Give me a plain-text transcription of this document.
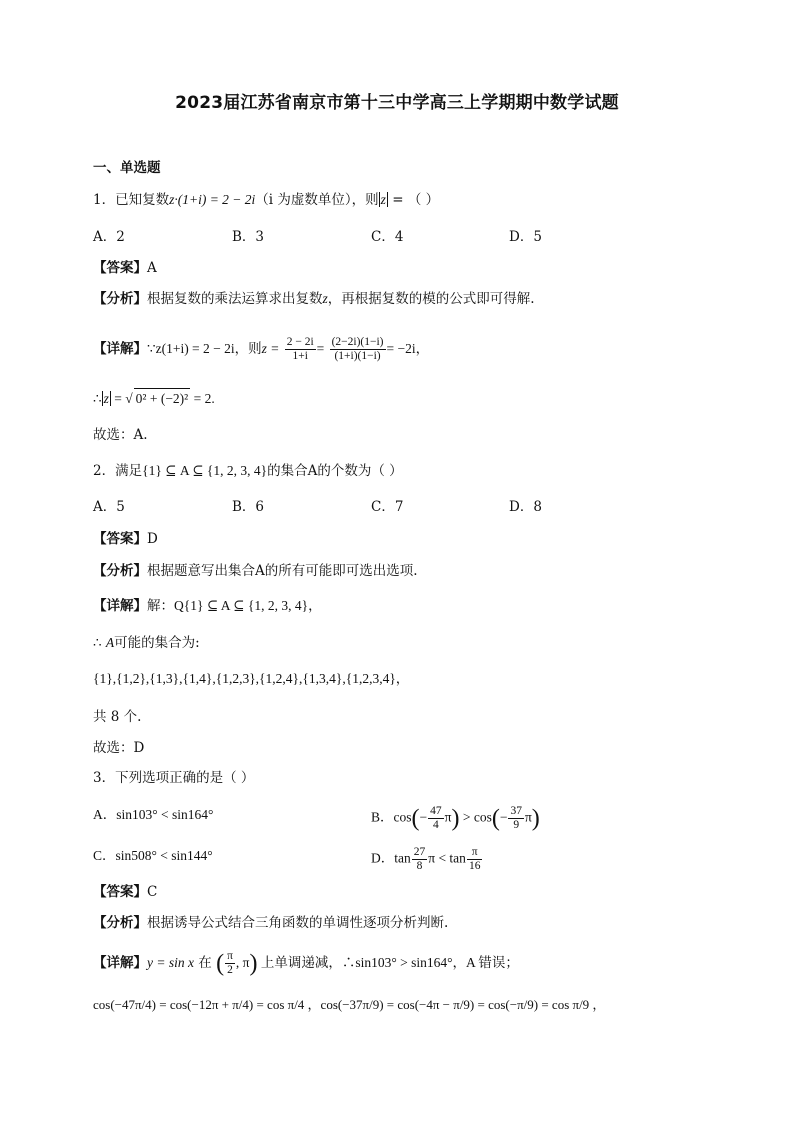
2023届江苏省南京市第十三中学高三上学期期中数学试题
一、单选题
1．已知复数z·(1+i) = 2 − 2i（i 为虚数单位），则 z = （ ）
A．2	B．3	C．4	D．5
【答案】A
【分析】根据复数的乘法运算求出复数z，再根据复数的模的公式即可得解.
【详解】∵z(1+i) = 2 − 2i，则$z = \frac{2 - 2i}{1+i} = \frac{(2-2i)(1-i)}{(1+i)(1-i)} = -2i$，
∴ z = √ 0² + (−2)² = 2.
故选：A.
2．满足{1} ⊆ A ⊆ {1, 2, 3, 4}的集合A的个数为（ ）
A．5	B．6	C．7	D．8
【答案】D
【分析】根据题意写出集合A的所有可能即可选出选项.
【详解】解：Q{1} ⊆ A ⊆ {1, 2, 3, 4}，
∴ A可能的集合为:
{1},{1,2},{1,3},{1,4},{1,2,3},{1,2,4},{1,3,4},{1,2,3,4}，
共 8 个.
故选：D
3．下列选项正确的是（ ）
A．sin103° < sin164°	B．$\cos(- \frac{47}{4} \pi) > \cos(- \frac{37}{9} \pi)$
C．sin508° < sin144°	D．$\tan \frac{27}{8}$ $\pi < \tan \frac{\pi}{16}$
【答案】C
【分析】根据诱导公式结合三角函数的单调性逐项分析判断.
【详解】y = sin x 在 ( $\frac{\pi}{2}$ , π) 上单调递减，∴sin103° > sin164°，A 错误；
cos(−47π/4) = cos(−12π + π/4) = cos π/4 ，cos(−37π/9) = cos(−4π − π/9) = cos(−π/9) = cos π/9 ，
